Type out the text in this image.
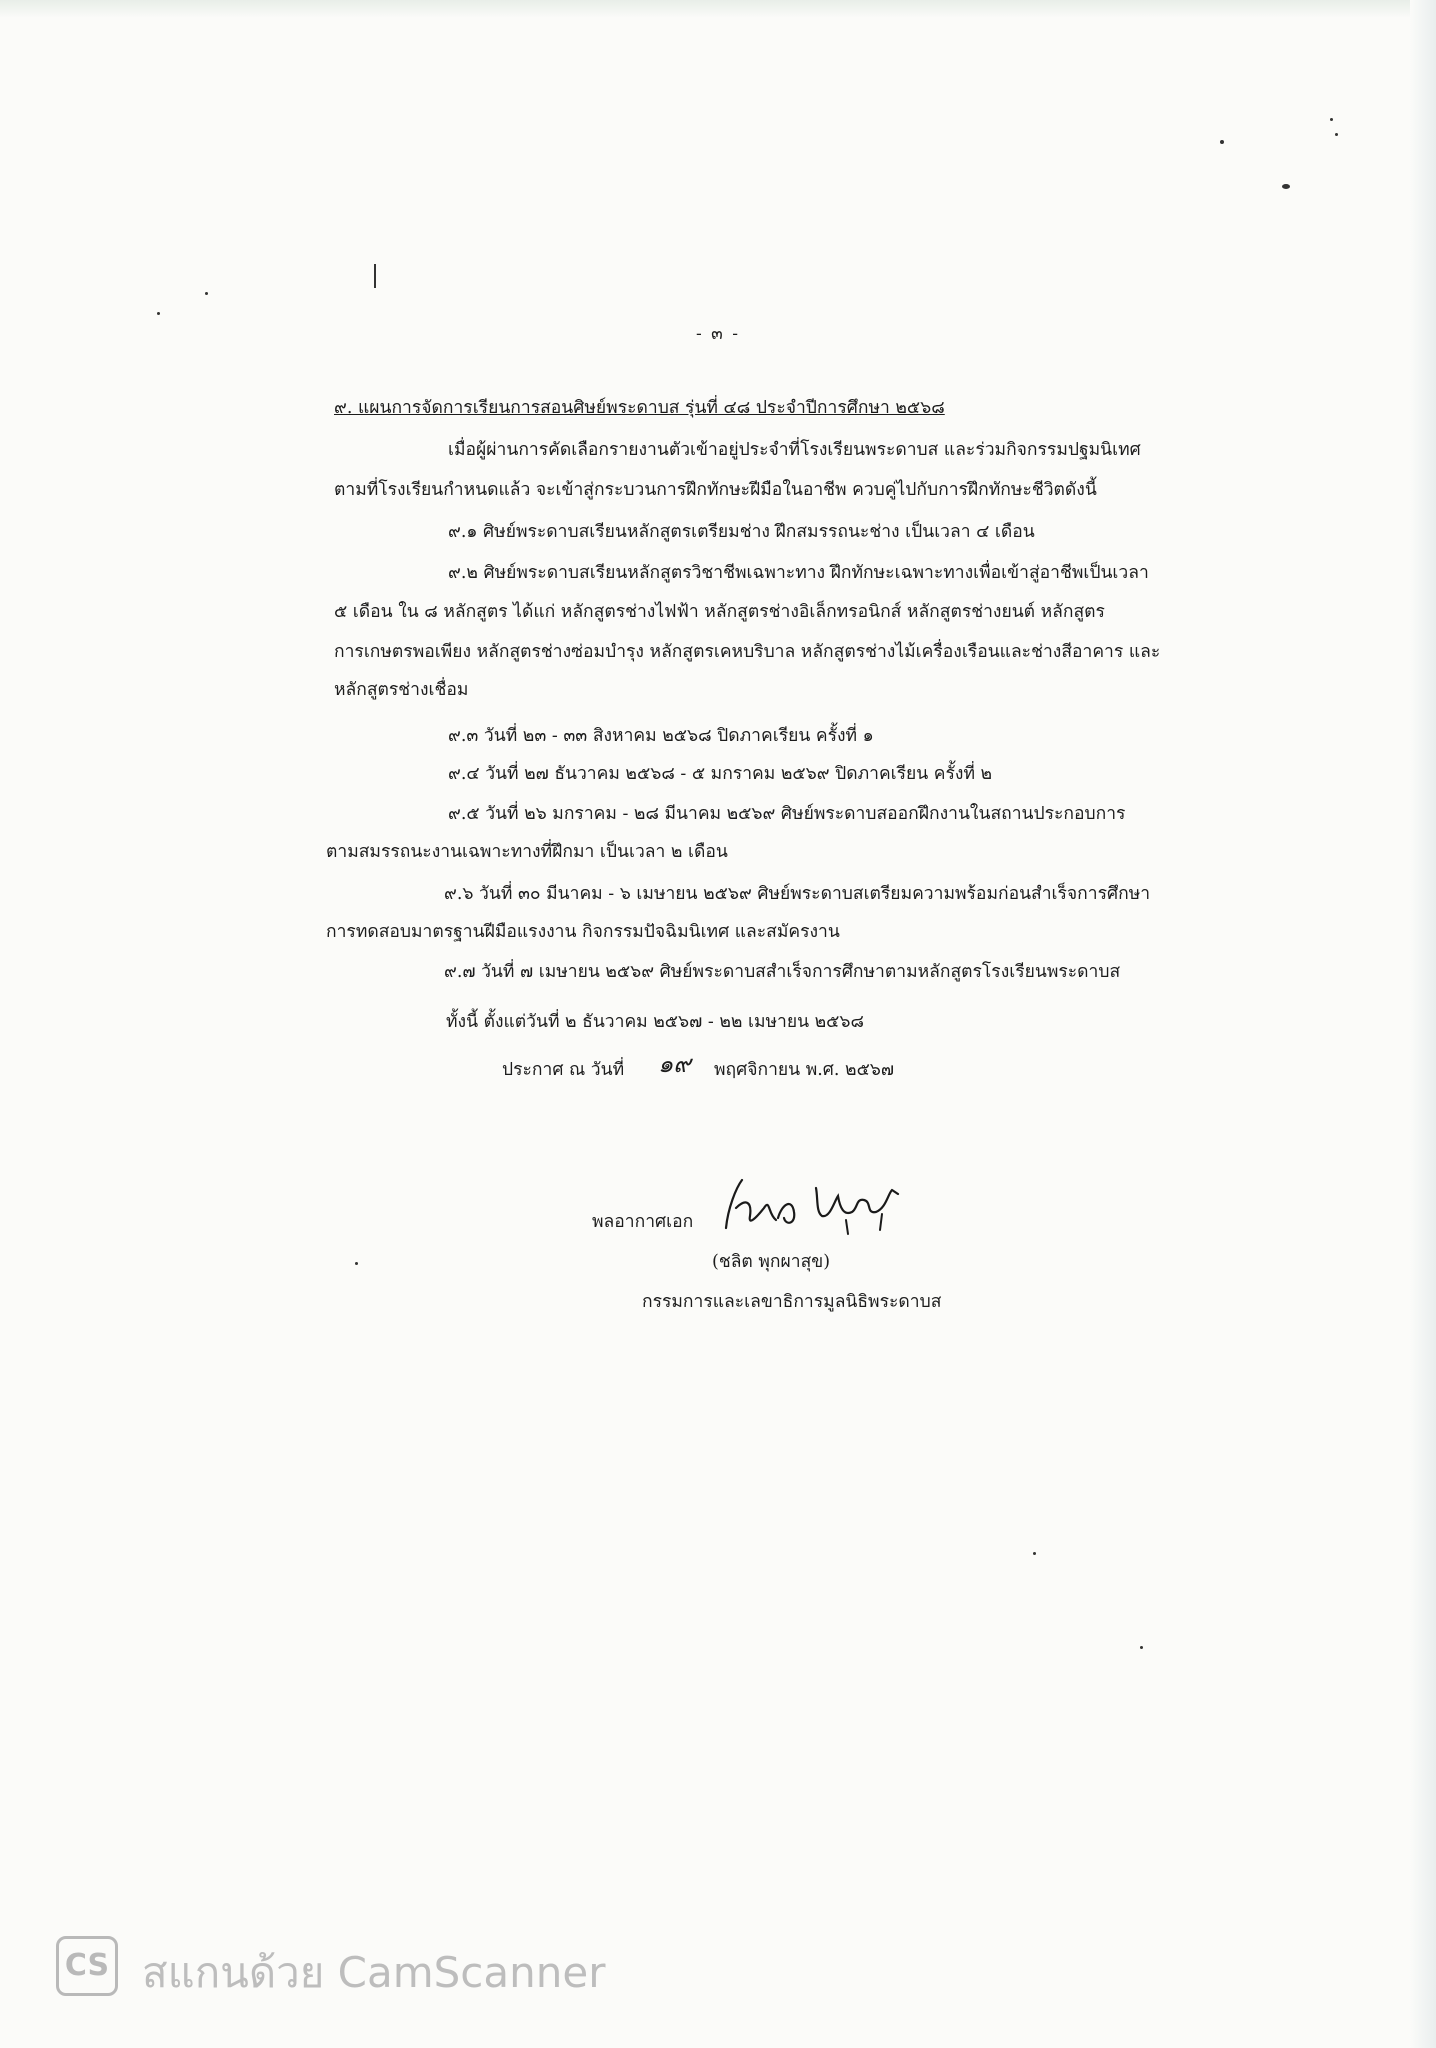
- ๓ -
๙. แผนการจัดการเรียนการสอนศิษย์พระดาบส รุ่นที่ ๔๘ ประจำปีการศึกษา ๒๕๖๘
เมื่อผู้ผ่านการคัดเลือกรายงานตัวเข้าอยู่ประจำที่โรงเรียนพระดาบส และร่วมกิจกรรมปฐมนิเทศ
ตามที่โรงเรียนกำหนดแล้ว จะเข้าสู่กระบวนการฝึกทักษะฝีมือในอาชีพ ควบคู่ไปกับการฝึกทักษะชีวิตดังนี้
๙.๑ ศิษย์พระดาบสเรียนหลักสูตรเตรียมช่าง ฝึกสมรรถนะช่าง เป็นเวลา ๔ เดือน
๙.๒ ศิษย์พระดาบสเรียนหลักสูตรวิชาชีพเฉพาะทาง ฝึกทักษะเฉพาะทางเพื่อเข้าสู่อาชีพเป็นเวลา
๕ เดือน ใน ๘ หลักสูตร ได้แก่ หลักสูตรช่างไฟฟ้า หลักสูตรช่างอิเล็กทรอนิกส์ หลักสูตรช่างยนต์ หลักสูตร
การเกษตรพอเพียง หลักสูตรช่างซ่อมบำรุง หลักสูตรเคหบริบาล หลักสูตรช่างไม้เครื่องเรือนและช่างสีอาคาร และ
หลักสูตรช่างเชื่อม
๙.๓ วันที่ ๒๓ - ๓๓ สิงหาคม ๒๕๖๘ ปิดภาคเรียน ครั้งที่ ๑
๙.๔ วันที่ ๒๗ ธันวาคม ๒๕๖๘ - ๕ มกราคม ๒๕๖๙ ปิดภาคเรียน ครั้งที่ ๒
๙.๕ วันที่ ๒๖ มกราคม - ๒๘ มีนาคม ๒๕๖๙ ศิษย์พระดาบสออกฝึกงานในสถานประกอบการ
ตามสมรรถนะงานเฉพาะทางที่ฝึกมา เป็นเวลา ๒ เดือน
๙.๖ วันที่ ๓๐ มีนาคม - ๖ เมษายน ๒๕๖๙ ศิษย์พระดาบสเตรียมความพร้อมก่อนสำเร็จการศึกษา
การทดสอบมาตรฐานฝีมือแรงงาน กิจกรรมปัจฉิมนิเทศ และสมัครงาน
๙.๗ วันที่ ๗ เมษายน ๒๕๖๙ ศิษย์พระดาบสสำเร็จการศึกษาตามหลักสูตรโรงเรียนพระดาบส
ทั้งนี้ ตั้งแต่วันที่ ๒ ธันวาคม ๒๕๖๗ - ๒๒ เมษายน ๒๕๖๘
ประกาศ ณ วันที่ ๑๙ พฤศจิกายน พ.ศ. ๒๕๖๗
พลอากาศเอก
(ชลิต พุกผาสุข)
กรรมการและเลขาธิการมูลนิธิพระดาบส
CS สแกนด้วย CamScanner
